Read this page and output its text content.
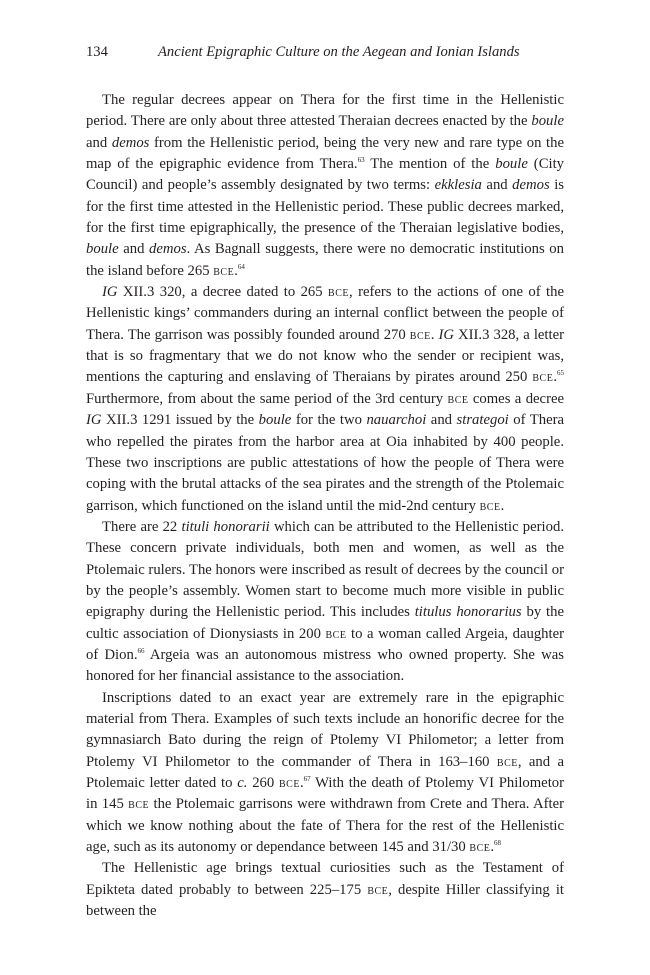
134	Ancient Epigraphic Culture on the Aegean and Ionian Islands

The regular decrees appear on Thera for the first time in the Hellenistic period. There are only about three attested Theraian decrees enacted by the boule and demos from the Hellenistic period, being the very new and rare type on the map of the epigraphic evidence from Thera.$^{63}$ The mention of the boule (City Council) and people’s assembly designated by two terms: ekklesia and demos is for the first time attested in the Hellenistic period. These public decrees marked, for the first time epigraphically, the presence of the Theraian legislative bodies, boule and demos. As Bagnall suggests, there were no democratic institutions on the island before 265 bce.$^{64}$

IG XII.3 320, a decree dated to 265 bce, refers to the actions of one of the Hellenistic kings’ commanders during an internal conflict between the people of Thera. The garrison was possibly founded around 270 bce. IG XII.3 328, a letter that is so fragmentary that we do not know who the sender or recipient was, mentions the capturing and enslaving of Theraians by pirates around 250 bce.$^{65}$ Furthermore, from about the same period of the 3rd century bce comes a decree IG XII.3 1291 issued by the boule for the two nauarchoi and strategoi of Thera who repelled the pirates from the harbor area at Oia inhabited by 400 people. These two inscriptions are public attestations of how the people of Thera were coping with the brutal attacks of the sea pirates and the strength of the Ptolemaic garrison, which functioned on the island until the mid-2nd century bce.

There are 22 tituli honorarii which can be attributed to the Hellenistic period. These concern private individuals, both men and women, as well as the Ptolemaic rulers. The honors were inscribed as result of decrees by the council or by the people’s assembly. Women start to become much more visible in public epigraphy during the Hellenistic period. This includes titulus honorarius by the cultic association of Dionysiasts in 200 bce to a woman called Argeia, daughter of Dion.$^{66}$ Argeia was an autonomous mistress who owned property. She was honored for her financial assistance to the association.

Inscriptions dated to an exact year are extremely rare in the epigraphic material from Thera. Examples of such texts include an honorific decree for the gymnasiarch Bato during the reign of Ptolemy VI Philometor; a letter from Ptolemy VI Philometor to the commander of Thera in 163–160 bce, and a Ptolemaic letter dated to c. 260 bce.$^{67}$ With the death of Ptolemy VI Philometor in 145 bce the Ptolemaic garrisons were withdrawn from Crete and Thera. After which we know nothing about the fate of Thera for the rest of the Hellenistic age, such as its autonomy or dependance between 145 and 31/30 bce.$^{68}$

The Hellenistic age brings textual curiosities such as the Testament of Epikteta dated probably to between 225–175 bce, despite Hiller classifying it between the
